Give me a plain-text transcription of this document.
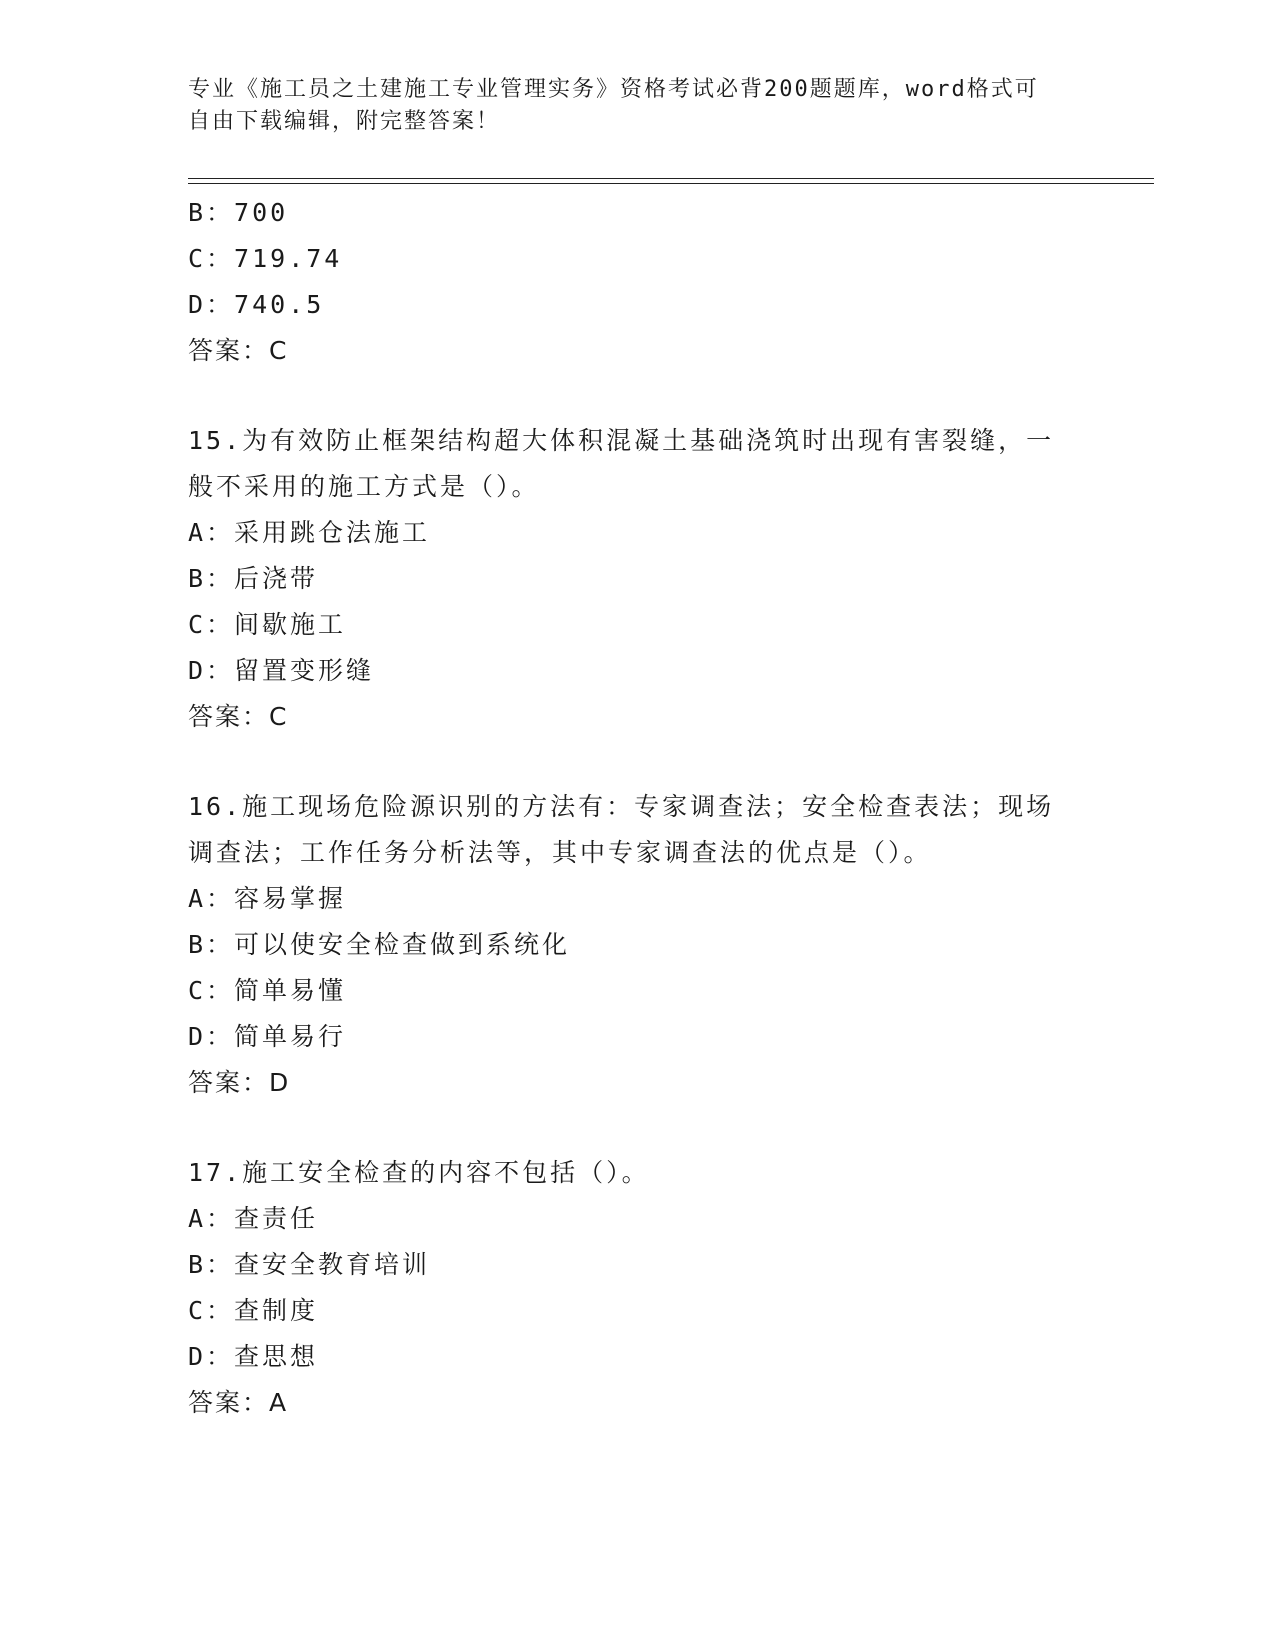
专业《施工员之土建施工专业管理实务》资格考试必背200题题库，word格式可
自由下载编辑，附完整答案！
B：700
C：719.74
D：740.5
答案：C
15.为有效防止框架结构超大体积混凝土基础浇筑时出现有害裂缝，一
般不采用的施工方式是（）。
A：采用跳仓法施工
B：后浇带
C：间歇施工
D：留置变形缝
答案：C
16.施工现场危险源识别的方法有：专家调查法；安全检查表法；现场
调查法；工作任务分析法等，其中专家调查法的优点是（）。
A：容易掌握
B：可以使安全检查做到系统化
C：简单易懂
D：简单易行
答案：D
17.施工安全检查的内容不包括（）。
A：查责任
B：查安全教育培训
C：查制度
D：查思想
答案：A
